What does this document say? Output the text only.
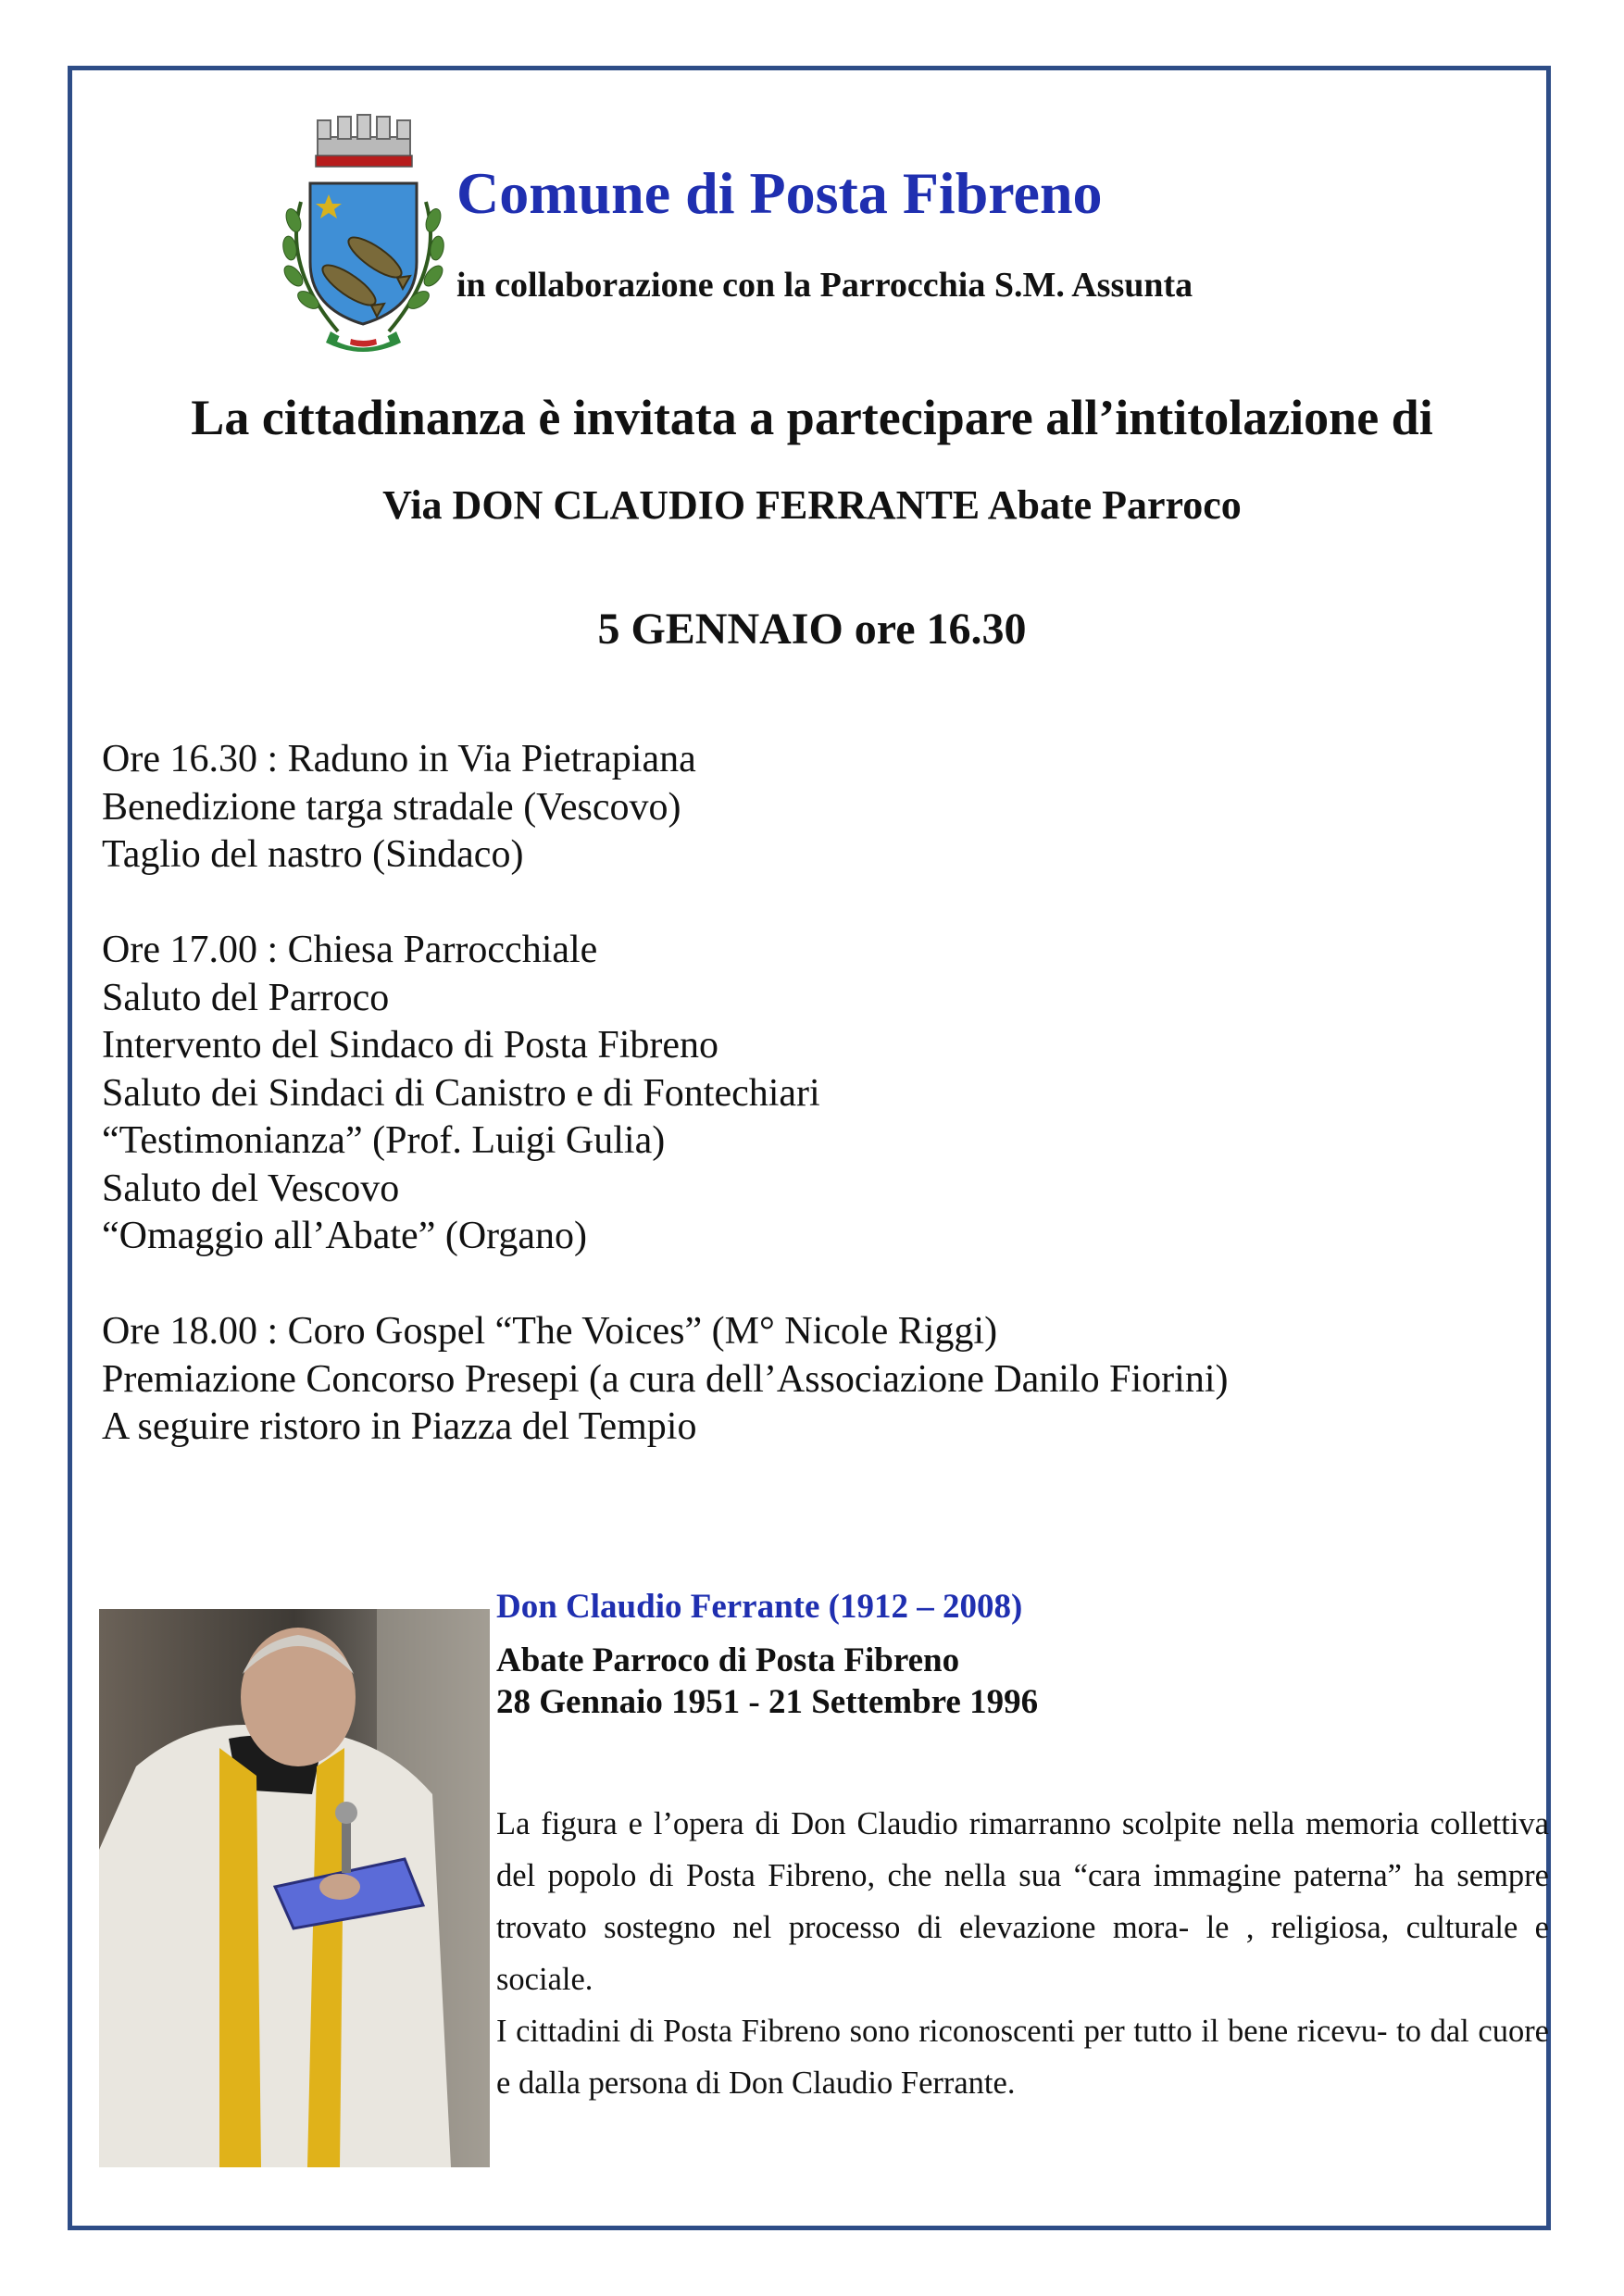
Comune di Posta Fibreno
in collaborazione con la Parrocchia S.M. Assunta
La cittadinanza è invitata a partecipare all’intitolazione di
Via DON CLAUDIO FERRANTE Abate Parroco
5 GENNAIO ore 16.30
Ore 16.30 : Raduno in Via Pietrapiana
Benedizione targa stradale (Vescovo)
Taglio del nastro (Sindaco)
Ore 17.00 : Chiesa Parrocchiale
Saluto del Parroco
Intervento del Sindaco di Posta Fibreno
Saluto dei Sindaci di Canistro e di Fontechiari
“Testimonianza” (Prof. Luigi Gulia)
Saluto del Vescovo
“Omaggio all’Abate” (Organo)
Ore 18.00 : Coro Gospel “The Voices” (M° Nicole Riggi)
Premiazione Concorso Presepi (a cura dell’Associazione Danilo Fiorini)
A seguire ristoro in Piazza del Tempio
Don Claudio Ferrante (1912 – 2008)
Abate Parroco di Posta Fibreno
28 Gennaio 1951 - 21 Settembre 1996

La figura e l’opera di Don Claudio rimarranno scolpite nella memoria collettiva del popolo di Posta Fibreno, che nella sua “cara immagine paterna” ha sempre trovato sostegno nel processo di elevazione mora- le , religiosa, culturale e sociale.

I cittadini di Posta Fibreno sono riconoscenti per tutto il bene ricevu- to dal cuore e dalla persona di Don Claudio Ferrante.
